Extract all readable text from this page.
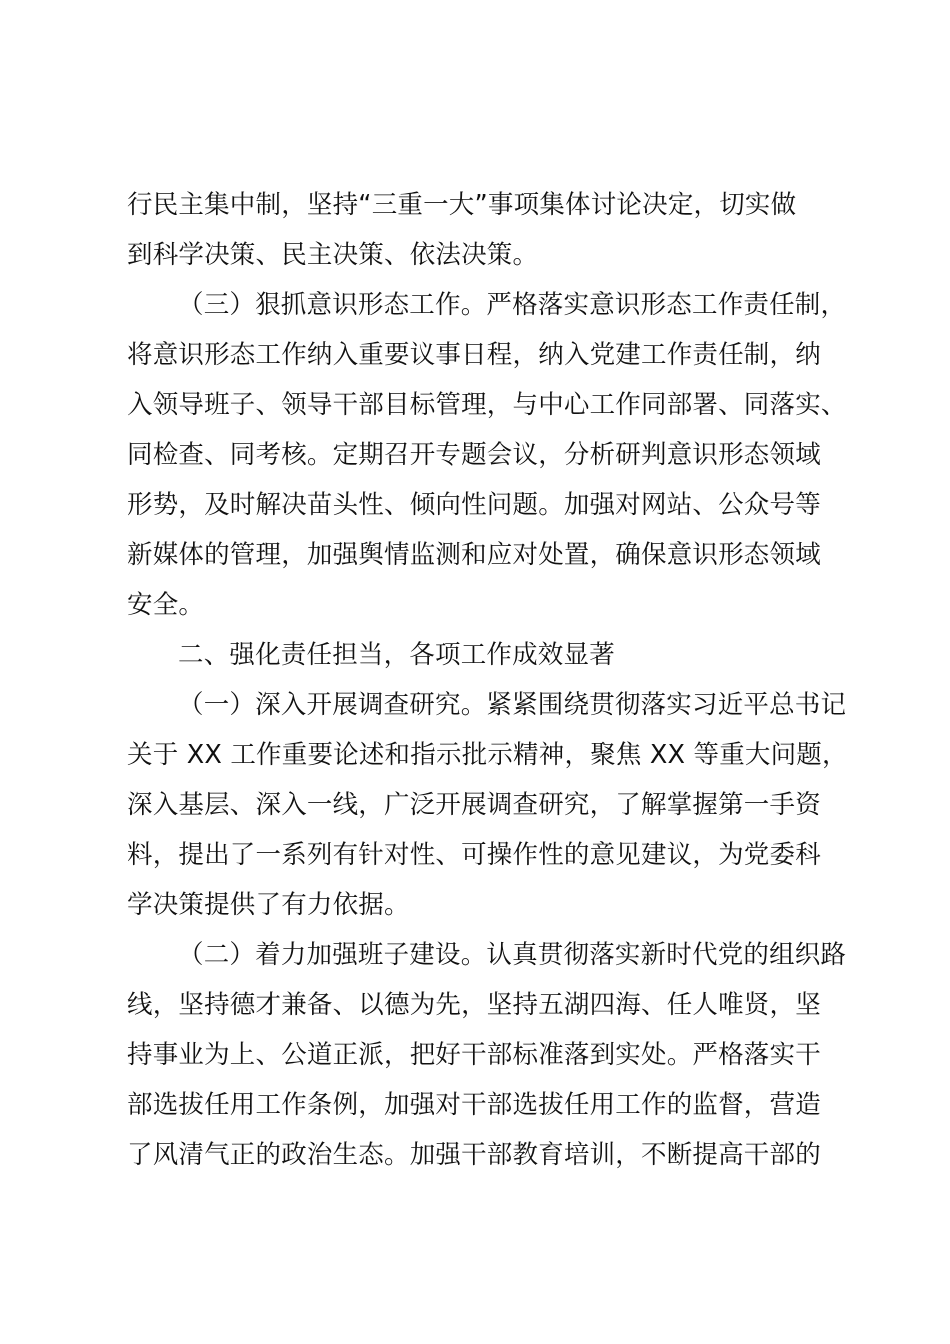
行民主集中制，坚持“三重一大”事项集体讨论决定，切实做
到科学决策、民主决策、依法决策。
（三）狠抓意识形态工作。严格落实意识形态工作责任制，
将意识形态工作纳入重要议事日程，纳入党建工作责任制，纳
入领导班子、领导干部目标管理，与中心工作同部署、同落实、
同检查、同考核。定期召开专题会议，分析研判意识形态领域
形势，及时解决苗头性、倾向性问题。加强对网站、公众号等
新媒体的管理，加强舆情监测和应对处置，确保意识形态领域
安全。
二、强化责任担当，各项工作成效显著
（一）深入开展调查研究。紧紧围绕贯彻落实习近平总书记
关于 XX 工作重要论述和指示批示精神，聚焦 XX 等重大问题，
深入基层、深入一线，广泛开展调查研究，了解掌握第一手资
料，提出了一系列有针对性、可操作性的意见建议，为党委科
学决策提供了有力依据。
（二）着力加强班子建设。认真贯彻落实新时代党的组织路
线，坚持德才兼备、以德为先，坚持五湖四海、任人唯贤，坚
持事业为上、公道正派，把好干部标准落到实处。严格落实干
部选拔任用工作条例，加强对干部选拔任用工作的监督，营造
了风清气正的政治生态。加强干部教育培训，不断提高干部的
